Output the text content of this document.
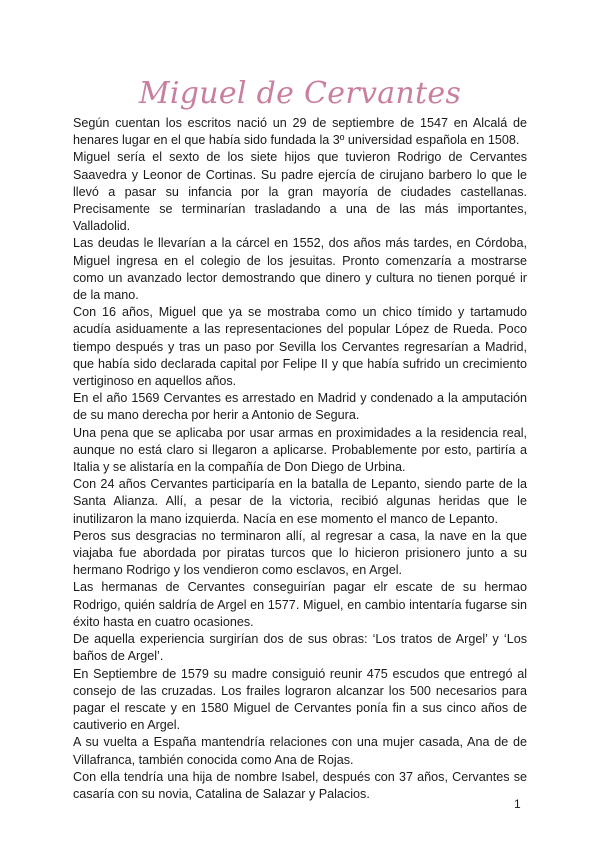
Miguel de Cervantes

Según cuentan los escritos nació un 29 de septiembre de 1547 en Alcalá de henares lugar en el que había sido fundada la 3º universidad española en 1508.

Miguel sería el sexto de los siete hijos que tuvieron Rodrigo de Cervantes Saavedra y Leonor de Cortinas. Su padre ejercía de cirujano barbero lo que le llevó a pasar su infancia por la gran mayoría de ciudades castellanas. Precisamente se terminarían trasladando a una de las más importantes, Valladolid.

Las deudas le llevarían a la cárcel en 1552, dos años más tardes, en Córdoba, Miguel ingresa en el colegio de los jesuitas. Pronto comenzaría a mostrarse como un avanzado lector demostrando que dinero y cultura no tienen porqué ir de la mano.

Con 16 años, Miguel que ya se mostraba como un chico tímido y tartamudo acudía asiduamente a las representaciones del popular López de Rueda. Poco tiempo después y tras un paso por Sevilla los Cervantes regresarían a Madrid, que había sido declarada capital por Felipe II y que había sufrido un crecimiento vertiginoso en aquellos años.

En el año 1569 Cervantes es arrestado en Madrid y condenado a la amputación de su mano derecha por herir a Antonio de Segura.

Una pena que se aplicaba por usar armas en proximidades a la residencia real, aunque no está claro si llegaron a aplicarse. Probablemente por esto, partiría a Italia y se alistaría en la compañía de Don Diego de Urbina.

Con 24 años Cervantes participaría en la batalla de Lepanto, siendo parte de la Santa Alianza. Allí, a pesar de la victoria, recibió algunas heridas que le inutilizaron la mano izquierda. Nacía en ese momento el manco de Lepanto.

Peros sus desgracias no terminaron allí, al regresar a casa, la nave en la que viajaba fue abordada por piratas turcos que lo hicieron prisionero junto a su hermano Rodrigo y los vendieron como esclavos, en Argel.

Las hermanas de Cervantes conseguirían pagar elr escate de su hermao Rodrigo, quién saldría de Argel en 1577. Miguel, en cambio intentaría fugarse sin éxito hasta en cuatro ocasiones.

De aquella experiencia surgirían dos de sus obras: ‘Los tratos de Argel’ y ‘Los baños de Argel’.

En Septiembre de 1579 su madre consiguió reunir 475 escudos que entregó al consejo de las cruzadas. Los frailes lograron alcanzar los 500 necesarios para pagar el rescate y en 1580 Miguel de Cervantes ponía fin a sus cinco años de cautiverio en Argel.

A su vuelta a España mantendría relaciones con una mujer casada, Ana de de Villafranca, también conocida como Ana de Rojas.

Con ella tendría una hija de nombre Isabel, después con 37 años, Cervantes se casaría con su novia, Catalina de Salazar y Palacios.

1
